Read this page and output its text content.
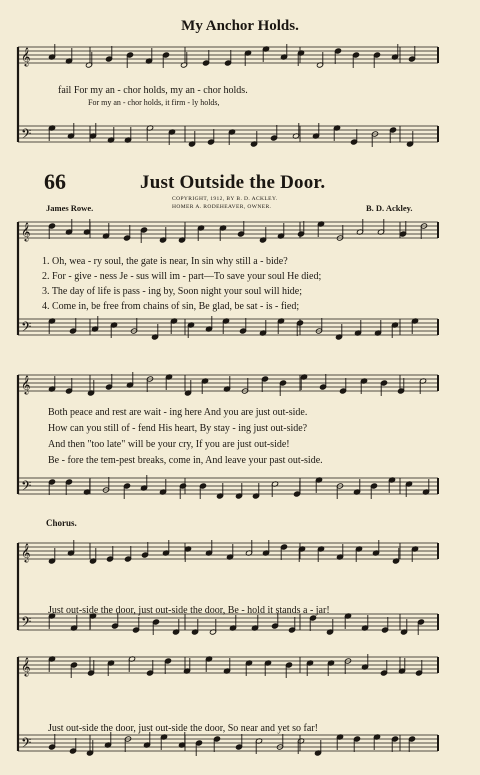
𝄞
𝄢
𝄞
𝄢
𝄞
𝄢
𝄞
𝄢
𝄞
𝄢
My Anchor Holds.
fail For my an - chor holds, my an - chor holds.
For my an - chor holds, it firm - ly holds,
66	Just Outside the Door.
COPYRIGHT, 1912, BY B. D. ACKLEY.
HOMER A. RODEHEAVER, OWNER.
James Rowe.	B. D. Ackley.
1. Oh, wea - ry soul, the gate is near, In sin why still a - bide?
2. For - give - ness Je - sus will im - part—To save your soul He died;
3. The day of life is pass - ing by, Soon night your soul will hide;
4. Come in, be free from chains of sin, Be glad, be sat - is - fied;
Both peace and rest are wait - ing here And you are just out-side.
How can you still of - fend His heart, By stay - ing just out-side?
And then "too late" will be your cry, If you are just out-side!
Be - fore the tem-pest breaks, come in, And leave your past out-side.
Chorus.
Just out-side the door, just out-side the door, Be - hold it stands a - jar!
Just out-side the door, just out-side the door, So near and yet so far!
